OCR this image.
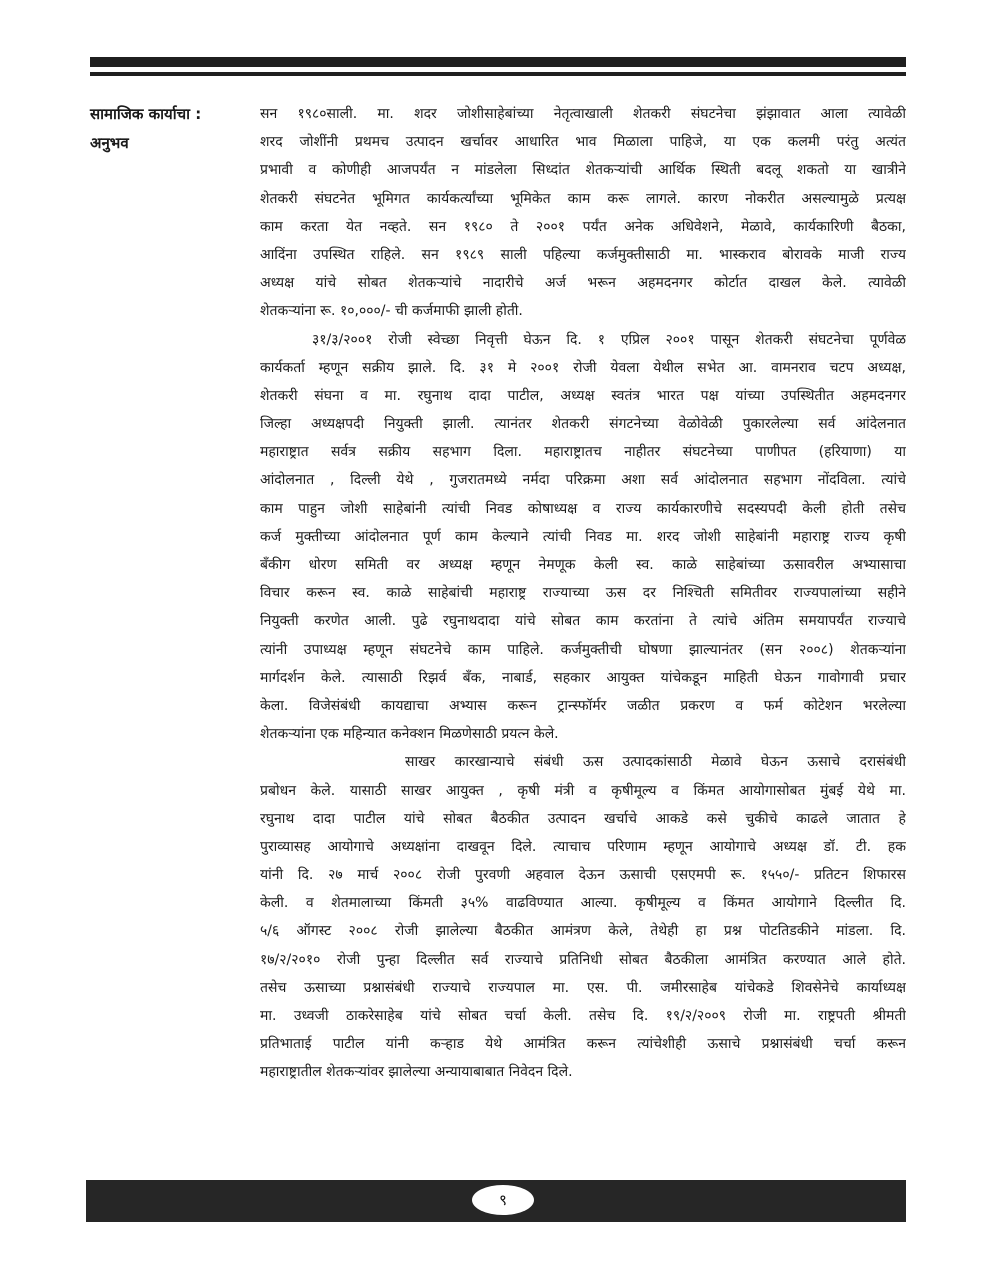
सामाजिक कार्याचा :
अनुभव
सन १९८०साली. मा. शदर जोशीसाहेबांच्या नेतृत्वाखाली शेतकरी संघटनेचा झंझावात आला त्यावेळी
शरद जोशींनी प्रथमच उत्पादन खर्चावर आधारित भाव मिळाला पाहिजे, या एक कलमी परंतु अत्यंत
प्रभावी व कोणीही आजपर्यंत न मांडलेला सिध्दांत शेतकऱ्यांची आर्थिक स्थिती बदलू शकतो या खात्रीने
शेतकरी संघटनेत भूमिगत कार्यकर्त्यांच्या भूमिकेत काम करू लागले. कारण नोकरीत असल्यामुळे प्रत्यक्ष
काम करता येत नव्हते. सन १९८० ते २००१ पर्यंत अनेक अधिवेशने, मेळावे, कार्यकारिणी बैठका,
आदिंना उपस्थित राहिले. सन १९८९ साली पहिल्या कर्जमुक्तीसाठी मा. भास्कराव बोरावके माजी राज्य
अध्यक्ष यांचे सोबत शेतकऱ्यांचे नादारीचे अर्ज भरून अहमदनगर कोर्टात दाखल केले. त्यावेळी
शेतकऱ्यांना रू. १०,०००/- ची कर्जमाफी झाली होती.
३१/३/२००१ रोजी स्वेच्छा निवृत्ती घेऊन दि. १ एप्रिल २००१ पासून शेतकरी संघटनेचा पूर्णवेळ
कार्यकर्ता म्हणून सक्रीय झाले. दि. ३१ मे २००१ रोजी येवला येथील सभेत आ. वामनराव चटप अध्यक्ष,
शेतकरी संघना व मा. रघुनाथ दादा पाटील, अध्यक्ष स्वतंत्र भारत पक्ष यांच्या उपस्थितीत अहमदनगर
जिल्हा अध्यक्षपदी नियुक्ती झाली. त्यानंतर शेतकरी संगटनेच्या वेळोवेळी पुकारलेल्या सर्व आंदेलनात
महाराष्ट्रात सर्वत्र सक्रीय सहभाग दिला. महाराष्ट्रातच नाहीतर संघटनेच्या पाणीपत (हरियाणा) या
आंदोलनात , दिल्ली येथे , गुजरातमध्ये नर्मदा परिक्रमा अशा सर्व आंदोलनात सहभाग नोंदविला. त्यांचे
काम पाहुन जोशी साहेबांनी त्यांची निवड कोषाध्यक्ष व राज्य कार्यकारणीचे सदस्यपदी केली होती तसेच
कर्ज मुक्तीच्या आंदोलनात पूर्ण काम केल्याने त्यांची निवड मा. शरद जोशी साहेबांनी महाराष्ट्र राज्य कृषी
बँकीग धोरण समिती वर अध्यक्ष म्हणून नेमणूक केली स्व. काळे साहेबांच्या ऊसावरील अभ्यासाचा
विचार करून स्व. काळे साहेबांची महाराष्ट्र राज्याच्या ऊस दर निश्चिती समितीवर राज्यपालांच्या सहीने
नियुक्ती करणेत आली. पुढे रघुनाथदादा यांचे सोबत काम करतांना ते त्यांचे अंतिम समयापर्यंत राज्याचे
त्यांनी उपाध्यक्ष म्हणून संघटनेचे काम पाहिले. कर्जमुक्तीची घोषणा झाल्यानंतर (सन २००८) शेतकऱ्यांना
मार्गदर्शन केले. त्यासाठी रिझर्व बँक, नाबार्ड, सहकार आयुक्त यांचेकडून माहिती घेऊन गावोगावी प्रचार
केला. विजेसंबंधी कायद्याचा अभ्यास करून ट्रान्स्फॉर्मर जळीत प्रकरण व फर्म कोटेशन भरलेल्या
शेतकऱ्यांना एक महिन्यात कनेक्शन मिळणेसाठी प्रयत्न केले.
साखर कारखान्याचे संबंधी ऊस उत्पादकांसाठी मेळावे घेऊन ऊसाचे दरासंबंधी
प्रबोधन केले. यासाठी साखर आयुक्त , कृषी मंत्री व कृषीमूल्य व किंमत आयोगासोबत मुंबई येथे मा.
रघुनाथ दादा पाटील यांचे सोबत बैठकीत उत्पादन खर्चाचे आकडे कसे चुकीचे काढले जातात हे
पुराव्यासह आयोगाचे अध्यक्षांना दाखवून दिले. त्याचाच परिणाम म्हणून आयोगाचे अध्यक्ष डॉ. टी. हक
यांनी दि. २७ मार्च २००८ रोजी पुरवणी अहवाल देऊन ऊसाची एसएमपी रू. १५५०/- प्रतिटन शिफारस
केली. व शेतमालाच्या किंमती ३५% वाढविण्यात आल्या. कृषीमूल्य व किंमत आयोगाने दिल्लीत दि.
५/६ ऑगस्ट २००८ रोजी झालेल्या बैठकीत आमंत्रण केले, तेथेही हा प्रश्न पोटतिडकीने मांडला. दि.
१७/२/२०१० रोजी पुन्हा दिल्लीत सर्व राज्याचे प्रतिनिधी सोबत बैठकीला आमंत्रित करण्यात आले होते.
तसेच ऊसाच्या प्रश्नासंबंधी राज्याचे राज्यपाल मा. एस. पी. जमीरसाहेब यांचेकडे शिवसेनेचे कार्याध्यक्ष
मा. उध्वजी ठाकरेसाहेब यांचे सोबत चर्चा केली. तसेच दि. १९/२/२००९ रोजी मा. राष्ट्रपती श्रीमती
प्रतिभाताई पाटील यांनी कऱ्हाड येथे आमंत्रित करून त्यांचेशीही ऊसाचे प्रश्नासंबंधी चर्चा करून
महाराष्ट्रातील शेतकऱ्यांवर झालेल्या अन्यायाबाबात निवेदन दिले.
९
